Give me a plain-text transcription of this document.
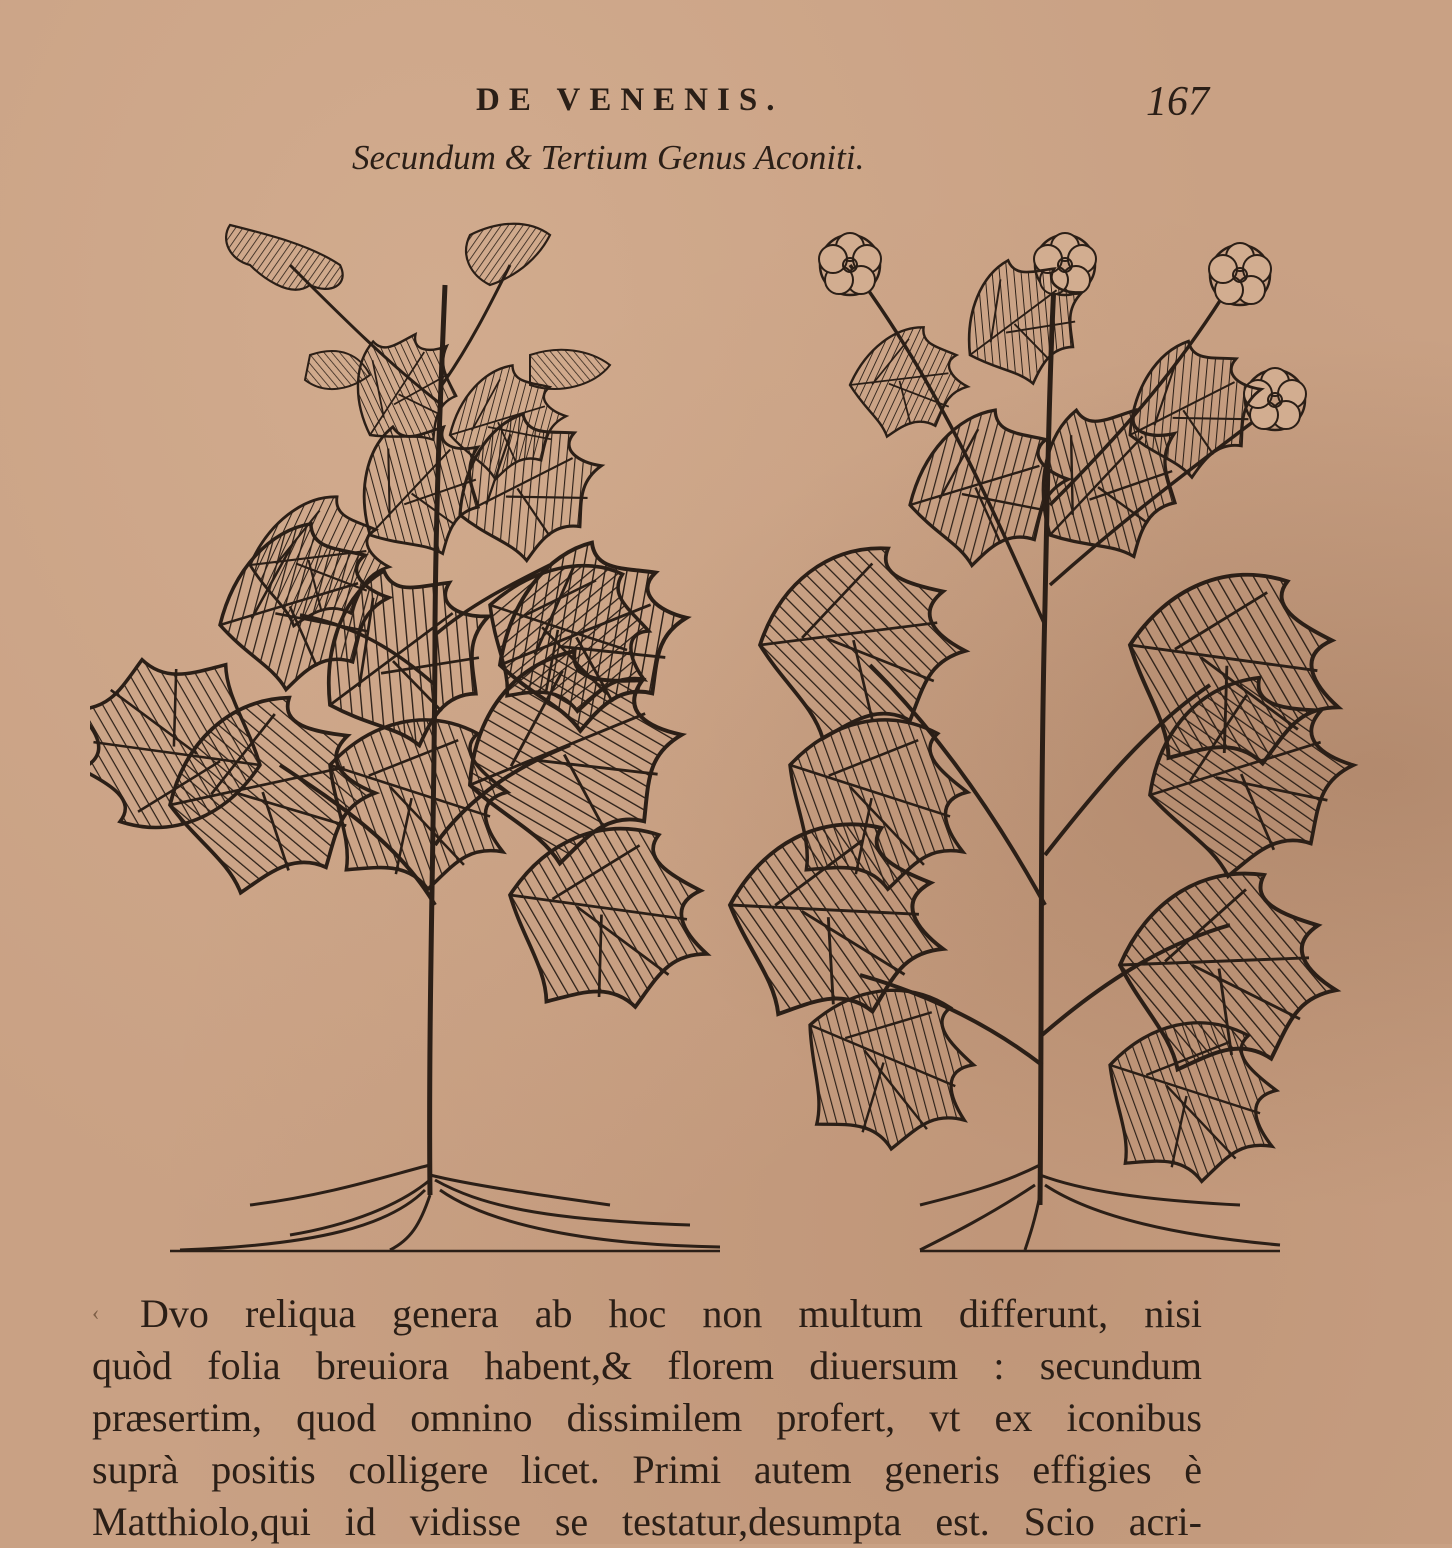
DE VENENIS.	167
Secundum & Tertium Genus Aconiti.
‹	Dvo reliqua genera ab hoc non multum differunt, nisi
quòd folia breuiora habent,& florem diuersum : secundum
præsertim, quod omnino dissimilem profert, vt ex iconibus
suprà positis colligere licet. Primi autem generis effigies è
Matthiolo,qui id vidisse se testatur,desumpta est. Scio acri-
